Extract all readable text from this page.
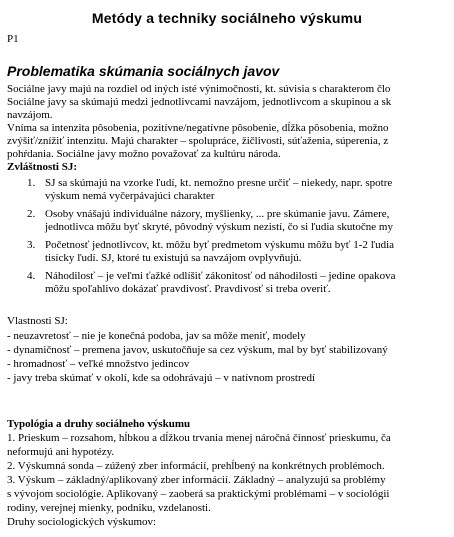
Metódy a techniky sociálneho výskumu
P1
Problematika skúmania sociálnych javov
Sociálne javy majú na rozdiel od iných isté výnimočnosti, kt. súvisia s charakterom člo
Sociálne javy sa skúmajú medzi jednotlivcami navzájom, jednotlivcom a skupinou a sk
navzájom.
Vníma sa intenzita pôsobenia, pozitívne/negatívne pôsobenie, dĺžka pôsobenia, možno
zvýšiť/znížiť intenzitu. Majú charakter – spolupráce, žičlivosti, súťaženia, súperenia, z
pohŕdania. Sociálne javy možno považovať za kultúru národa.
Zvláštnosti SJ:
1. SJ sa skúmajú na vzorke ľudí, kt. nemožno presne určiť – niekedy, napr. spotre
výskum nemá vyčerpávajúci charakter
2. Osoby vnášajú individuálne názory, myšlienky, ... pre skúmanie javu. Zámere,
jednotlivca môžu byť skryté, pôvodný výskum nezistí, čo si ľudia skutočne my
3. Početnosť jednotlivcov, kt. môžu byť predmetom výskumu môžu byť 1-2 ľudia
tisícky ľudí. SJ, ktoré tu existujú sa navzájom ovplyvňujú.
4. Náhodilosť – je veľmi ťažké odlíšiť zákonitosť od náhodilosti – jedine opakova
môžu spoľahlivo dokázať pravdivosť. Pravdivosť si treba overiť.
Vlastnosti SJ:
- neuzavretosť – nie je konečná podoba, jav sa môže meniť, modely
- dynamičnosť – premena javov, uskutočňuje sa cez výskum, mal by byť stabilizovaný
- hromadnosť – veľké množstvo jedincov
- javy treba skúmať v okolí, kde sa odohrávajú – v natívnom prostredí
Typológia a druhy sociálneho výskumu
1. Prieskum – rozsahom, hĺbkou a dĺžkou trvania menej náročná činnosť prieskumu, ča
neformujú ani hypotézy.
2. Výskumná sonda – zúžený zber informácií, prehĺbený na konkrétnych problémoch.
3. Výskum – základný/aplikovaný zber informácií. Základný – analyzujú sa problémy
s vývojom sociológie. Aplikovaný – zaoberá sa praktickými problémami – v sociológii
rodiny, verejnej mienky, podniku, vzdelanosti.
Druhy sociologických výskumov:
